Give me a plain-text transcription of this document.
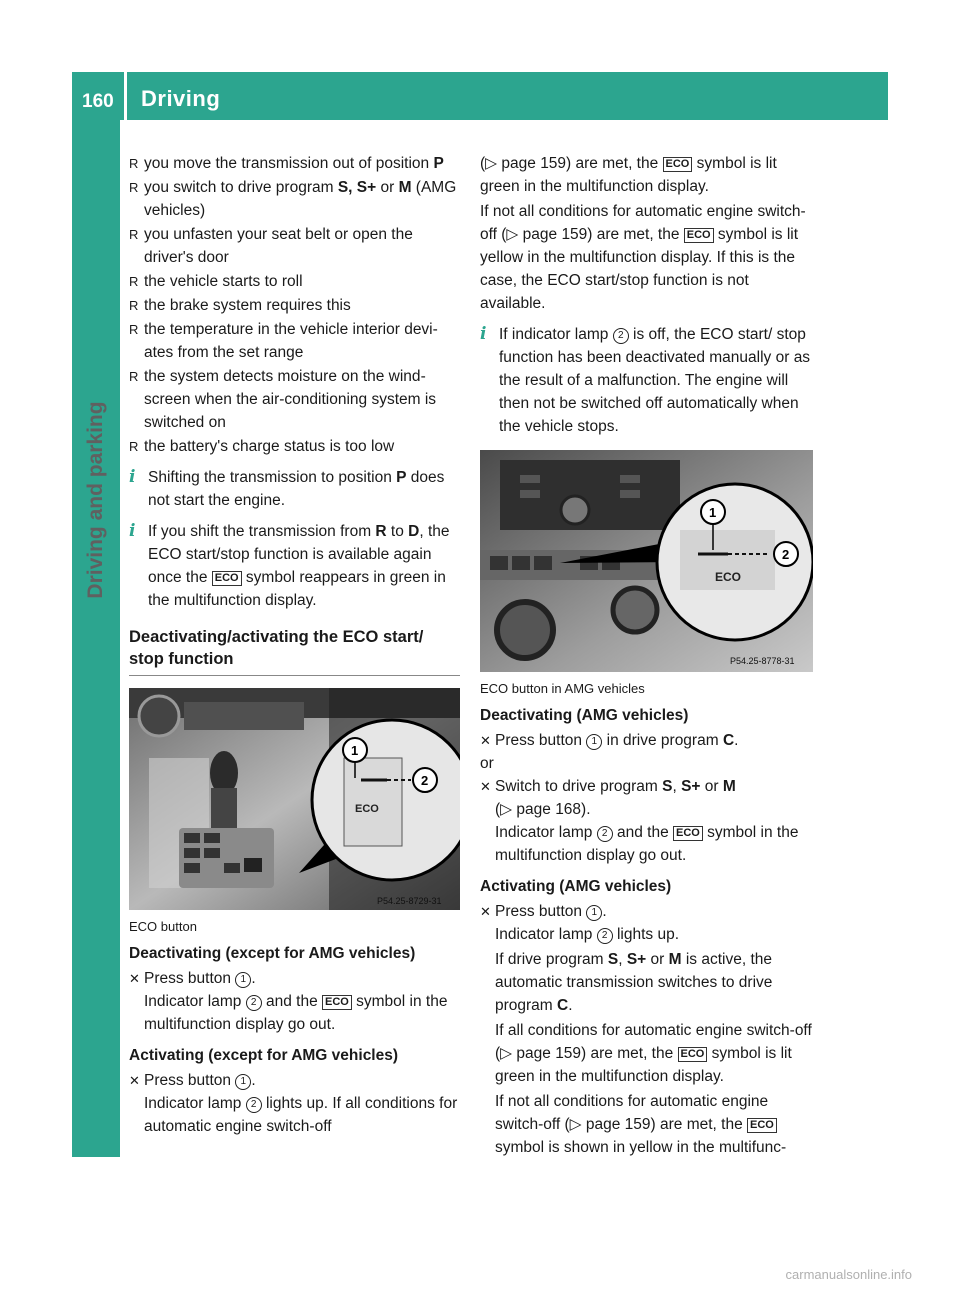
160 Driving
Driving and parking
R you move the transmission out of position P
R you switch to drive program S, S+ or M (AMG vehicles)
R you unfasten your seat belt or open the driver's door
R the vehicle starts to roll
R the brake system requires this
R the temperature in the vehicle interior deviates from the set range
R the system detects moisture on the windscreen when the air-conditioning system is switched on
R the battery's charge status is too low
i Shifting the transmission to position P does not start the engine.
i If you shift the transmission from R to D, the ECO start/stop function is available again once the ECO symbol reappears in green in the multifunction display.
Deactivating/activating the ECO start/ stop function
ECO
1
2
P54.25-8729-31
ECO button
Deactivating (except for AMG vehicles)
✕ Press button 1 .
Indicator lamp 2 and the ECO symbol in the multifunction display go out.
Activating (except for AMG vehicles)
✕ Press button 1 .
Indicator lamp 2 lights up. If all conditions for automatic engine switch-off

(▷ page 159) are met, the ECO symbol is lit green in the multifunction display.

If not all conditions for automatic engine switch-off (▷ page 159) are met, the ECO symbol is lit yellow in the multifunction display. If this is the case, the ECO start/stop function is not available.

i If indicator lamp 2 is off, the ECO start/ stop function has been deactivated manually or as the result of a malfunction. The engine will then not be switched off automatically when the vehicle stops.
ECO
1
2
P54.25-8778-31
ECO button in AMG vehicles
Deactivating (AMG vehicles)
✕ Press button 1 in drive program C.

or

✕ Switch to drive program S, S+ or M
(▷ page 168).
Indicator lamp 2 and the ECO symbol in the multifunction display go out.
Activating (AMG vehicles)
✕ Press button 1 .
Indicator lamp 2 lights up.

If drive program S, S+ or M is active, the automatic transmission switches to drive program C.

If all conditions for automatic engine switch-off (▷ page 159) are met, the ECO symbol is lit green in the multifunction display.

If not all conditions for automatic engine switch-off (▷ page 159) are met, the ECO symbol is shown in yellow in the multifunc-

carmanualsonline.info
